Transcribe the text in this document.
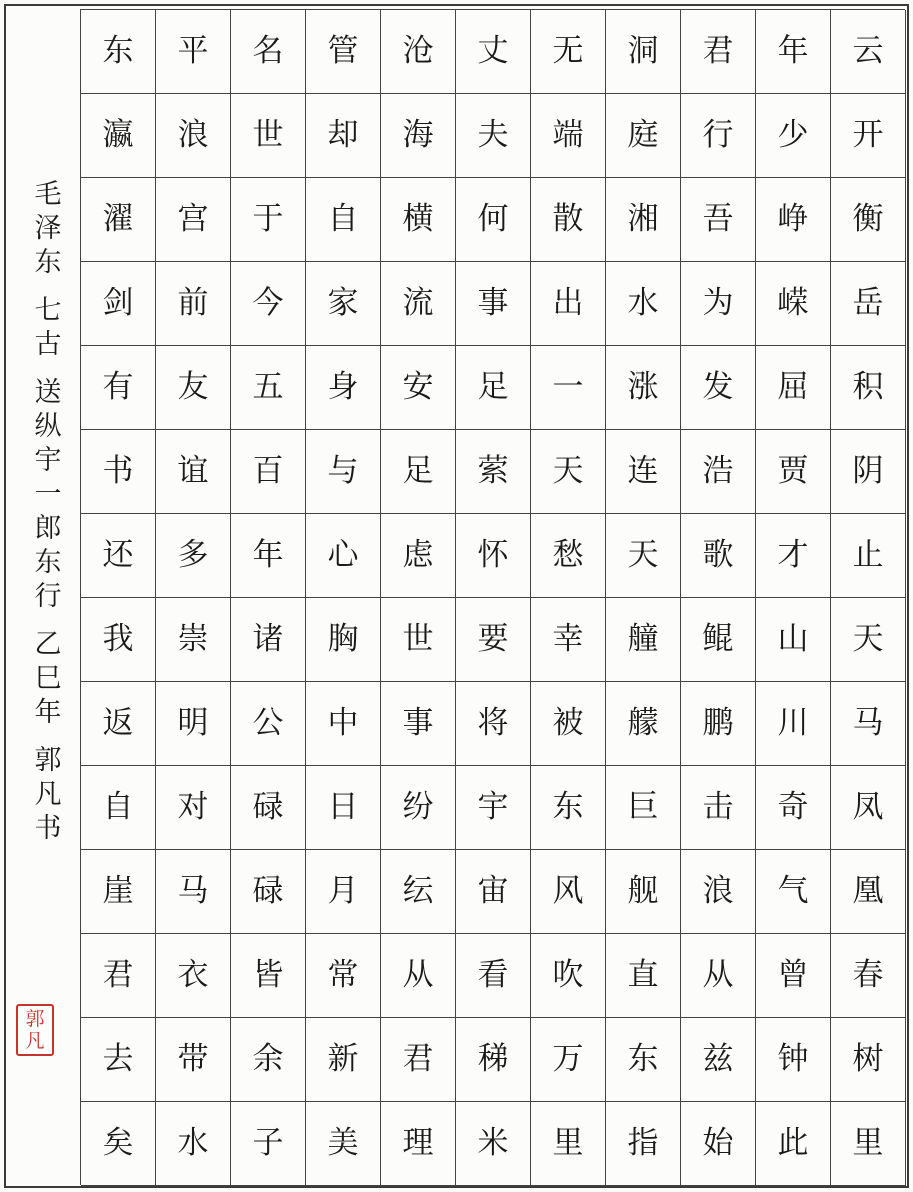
毛
泽
东
七
古
送
纵
宇
一
郎
东
行
乙
巳
年
郭
凡
书
郭
凡
东	平	名	管	沧	丈	无	洞	君	年	云
瀛	浪	世	却	海	夫	端	庭	行	少	开
濯	宫	于	自	横	何	散	湘	吾	峥	衡
剑	前	今	家	流	事	出	水	为	嵘	岳
有	友	五	身	安	足	一	涨	发	屈	积
书	谊	百	与	足	萦	天	连	浩	贾	阴
还	多	年	心	虑	怀	愁	天	歌	才	止
我	崇	诸	胸	世	要	幸	艟	鲲	山	天
返	明	公	中	事	将	被	艨	鹏	川	马
自	对	碌	日	纷	宇	东	巨	击	奇	凤
崖	马	碌	月	纭	宙	风	舰	浪	气	凰
君	衣	皆	常	从	看	吹	直	从	曾	春
去	带	余	新	君	稊	万	东	兹	钟	树
矣	水	子	美	理	米	里	指	始	此	里
